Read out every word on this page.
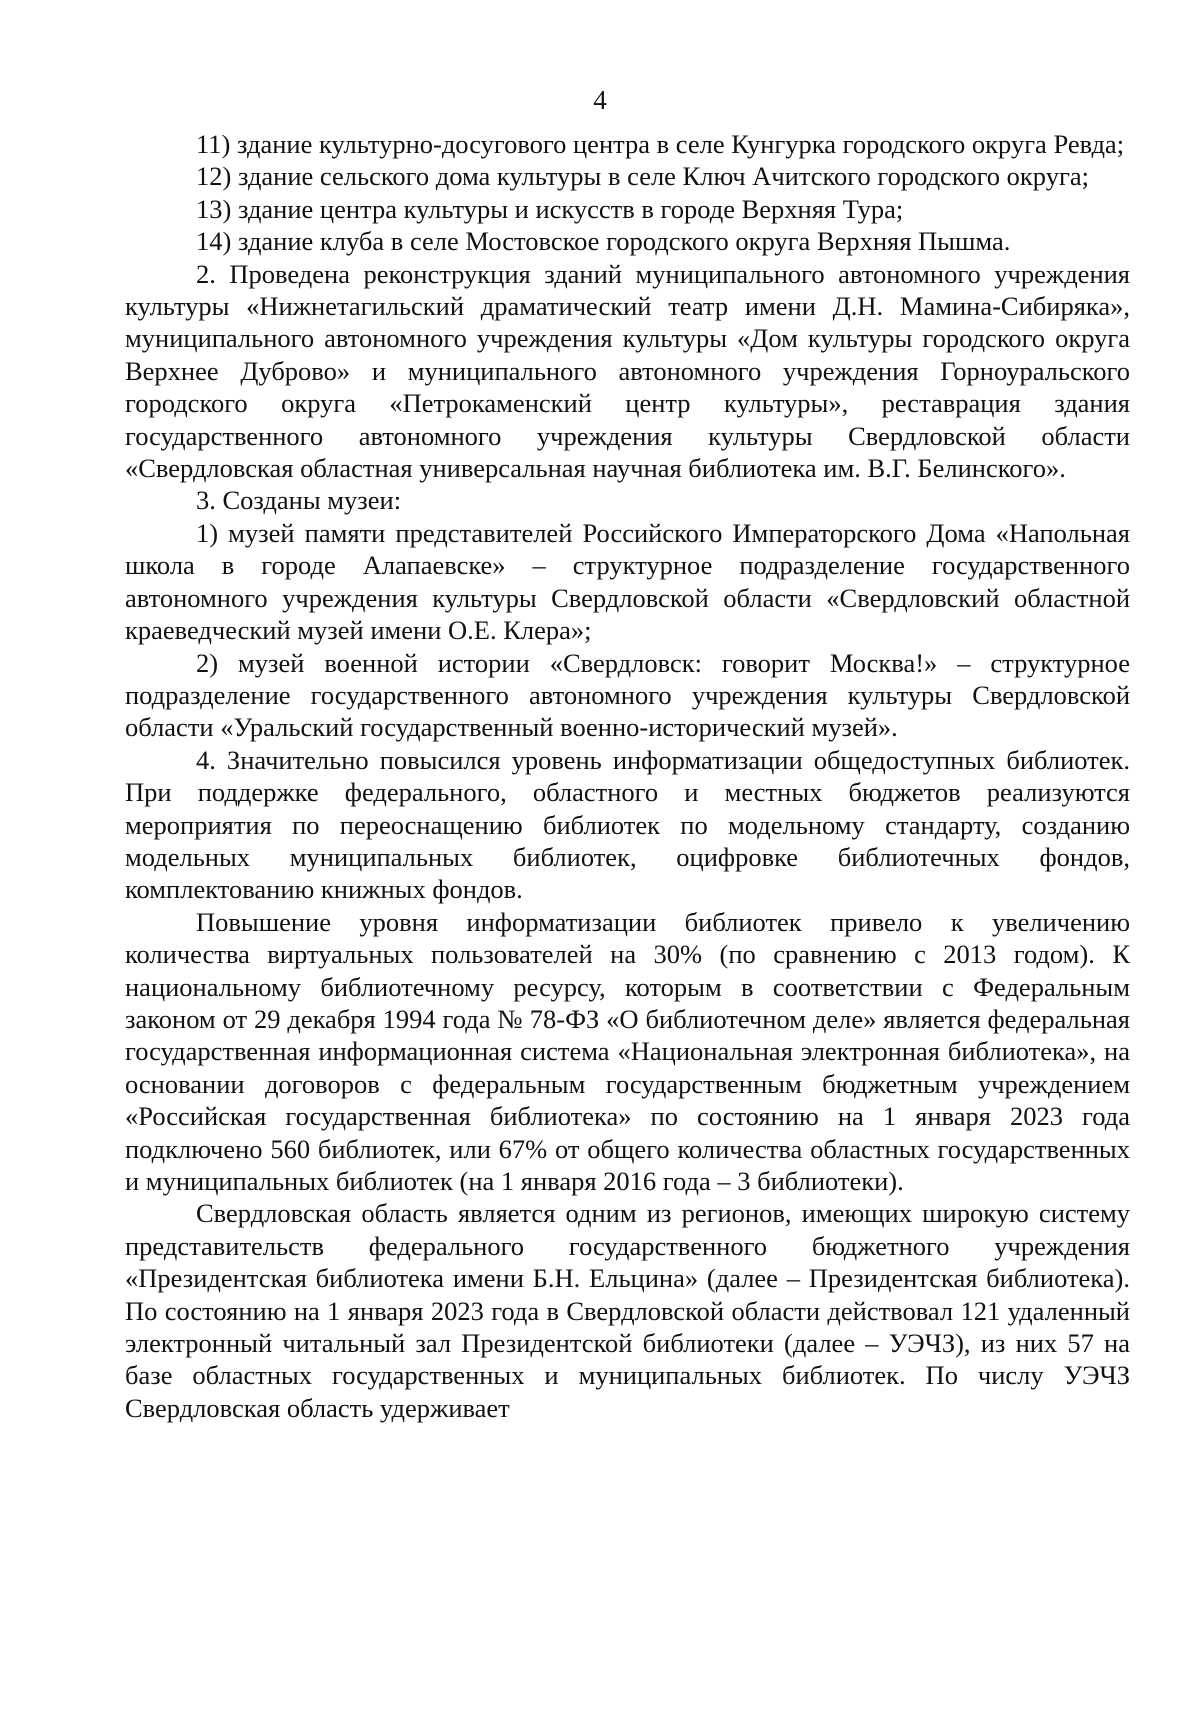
4

11) здание культурно-досугового центра в селе Кунгурка городского округа Ревда;

12) здание сельского дома культуры в селе Ключ Ачитского городского округа;

13) здание центра культуры и искусств в городе Верхняя Тура;

14) здание клуба в селе Мостовское городского округа Верхняя Пышма.

2. Проведена реконструкция зданий муниципального автономного учреждения культуры «Нижнетагильский драматический театр имени Д.Н. Мамина-Сибиряка», муниципального автономного учреждения культуры «Дом культуры городского округа Верхнее Дуброво» и муниципального автономного учреждения Горноуральского городского округа «Петрокаменский центр культуры», реставрация здания государственного автономного учреждения культуры Свердловской области «Свердловская областная универсальная научная библиотека им. В.Г. Белинского».

3. Созданы музеи:

1) музей памяти представителей Российского Императорского Дома «Напольная школа в городе Алапаевске» – структурное подразделение государственного автономного учреждения культуры Свердловской области «Свердловский областной краеведческий музей имени О.Е. Клера»;

2) музей военной истории «Свердловск: говорит Москва!» – структурное подразделение государственного автономного учреждения культуры Свердловской области «Уральский государственный военно-исторический музей».

4. Значительно повысился уровень информатизации общедоступных библиотек. При поддержке федерального, областного и местных бюджетов реализуются мероприятия по переоснащению библиотек по модельному стандарту, созданию модельных муниципальных библиотек, оцифровке библиотечных фондов, комплектованию книжных фондов.

Повышение уровня информатизации библиотек привело к увеличению количества виртуальных пользователей на 30% (по сравнению с 2013 годом). К национальному библиотечному ресурсу, которым в соответствии с Федеральным законом от 29 декабря 1994 года № 78-ФЗ «О библиотечном деле» является федеральная государственная информационная система «Национальная электронная библиотека», на основании договоров с федеральным государственным бюджетным учреждением «Российская государственная библиотека» по состоянию на 1 января 2023 года подключено 560 библиотек, или 67% от общего количества областных государственных и муниципальных библиотек (на 1 января 2016 года – 3 библиотеки).

Свердловская область является одним из регионов, имеющих широкую систему представительств федерального государственного бюджетного учреждения «Президентская библиотека имени Б.Н. Ельцина» (далее – Президентская библиотека). По состоянию на 1 января 2023 года в Свердловской области действовал 121 удаленный электронный читальный зал Президентской библиотеки (далее – УЭЧЗ), из них 57 на базе областных государственных и муниципальных библиотек. По числу УЭЧЗ Свердловская область удерживает
